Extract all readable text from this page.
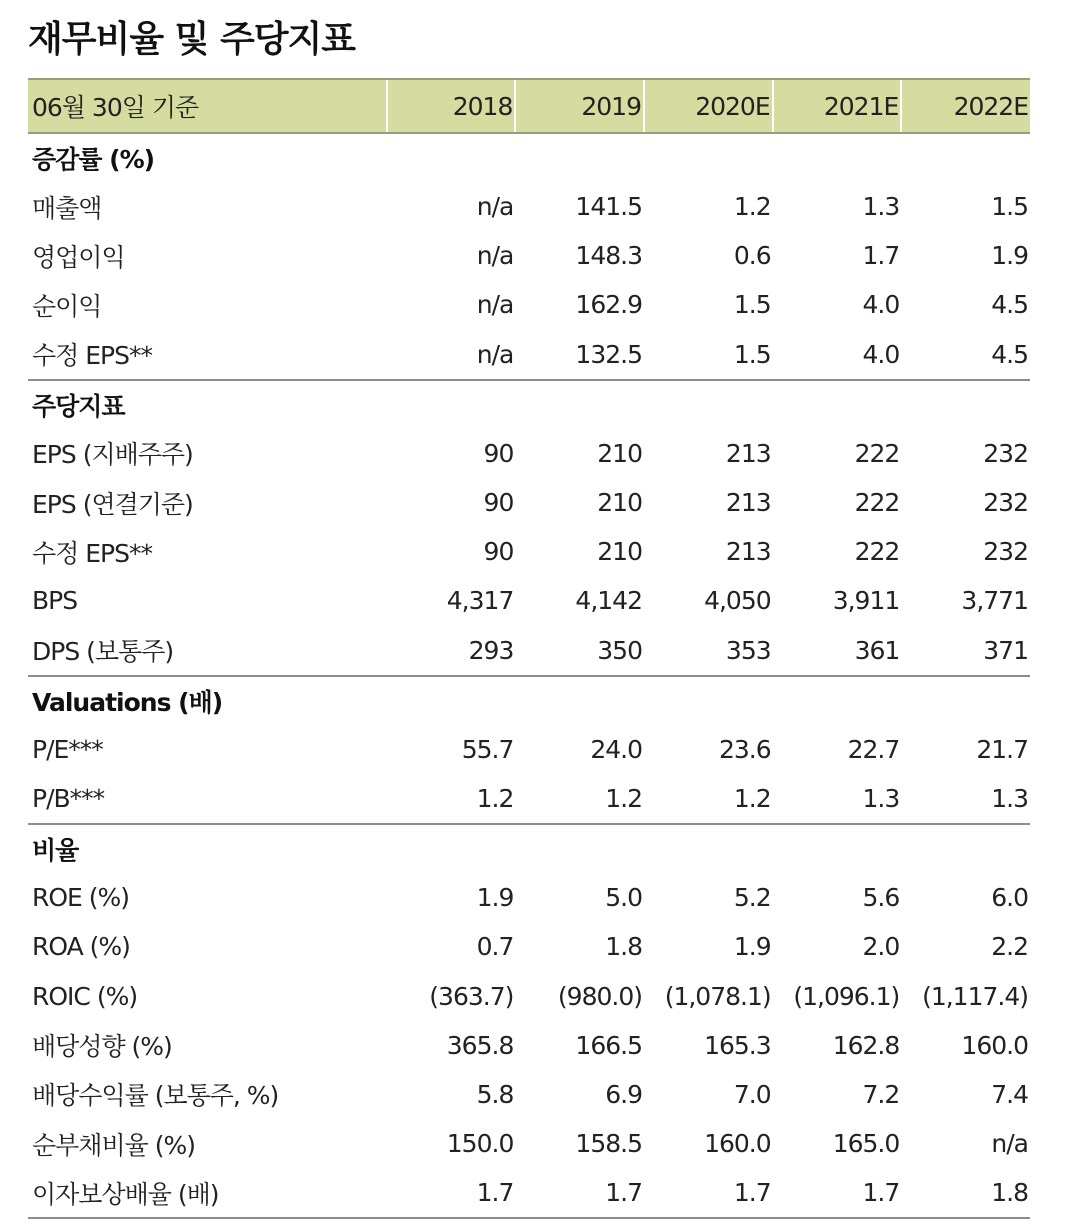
재무비율 및 주당지표
06월 30일 기준	2018	2019	2020E	2021E	2022E
증감률 (%)					
매출액	n/a	141.5	1.2	1.3	1.5
영업이익	n/a	148.3	0.6	1.7	1.9
순이익	n/a	162.9	1.5	4.0	4.5
수정 EPS**	n/a	132.5	1.5	4.0	4.5
주당지표					
EPS (지배주주)	90	210	213	222	232
EPS (연결기준)	90	210	213	222	232
수정 EPS**	90	210	213	222	232
BPS	4,317	4,142	4,050	3,911	3,771
DPS (보통주)	293	350	353	361	371
Valuations (배)					
P/E***	55.7	24.0	23.6	22.7	21.7
P/B***	1.2	1.2	1.2	1.3	1.3
비율					
ROE (%)	1.9	5.0	5.2	5.6	6.0
ROA (%)	0.7	1.8	1.9	2.0	2.2
ROIC (%)	(363.7)	(980.0)	(1,078.1)	(1,096.1)	(1,117.4)
배당성향 (%)	365.8	166.5	165.3	162.8	160.0
배당수익률 (보통주, %)	5.8	6.9	7.0	7.2	7.4
순부채비율 (%)	150.0	158.5	160.0	165.0	n/a
이자보상배율 (배)	1.7	1.7	1.7	1.7	1.8
